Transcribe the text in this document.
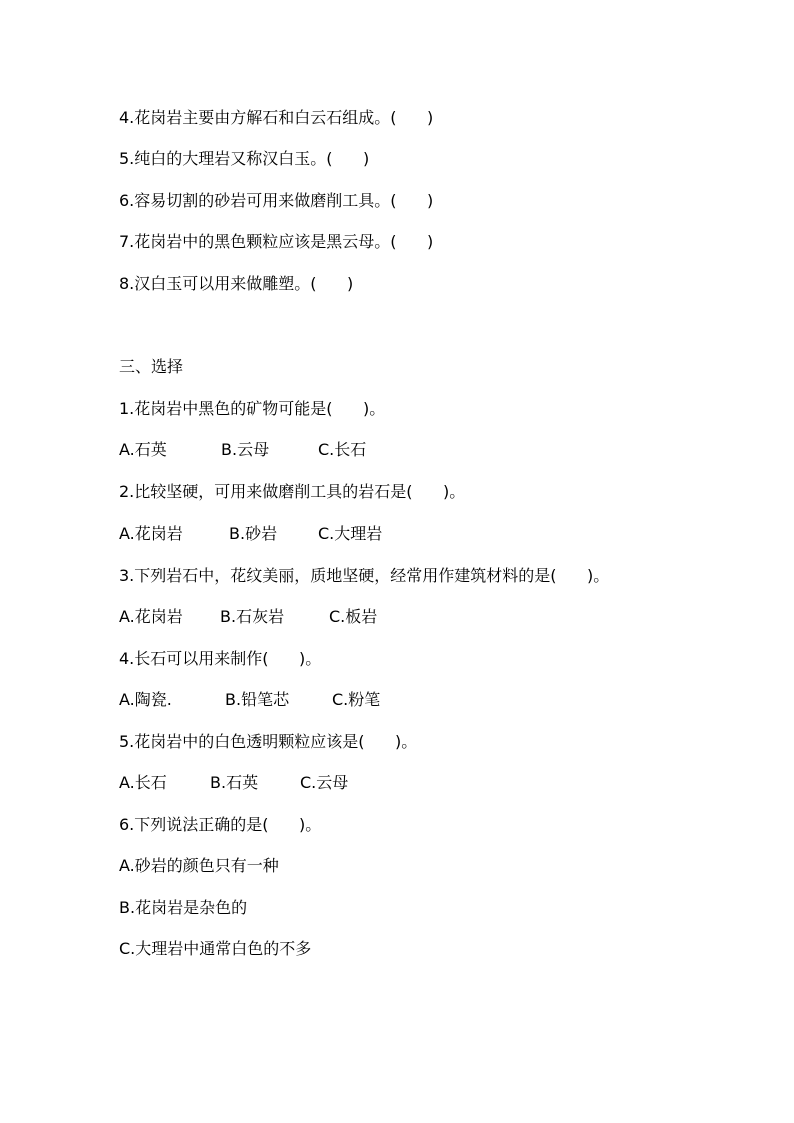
4.花岗岩主要由方解石和白云石组成。(      )
5.纯白的大理岩又称汉白玉。(      )
6.容易切割的砂岩可用来做磨削工具。(      )
7.花岗岩中的黑色颗粒应该是黑云母。(      )
8.汉白玉可以用来做雕塑。(      )
三、选择
1.花岗岩中黑色的矿物可能是(      )。
A.石英	B.云母	C.长石
2.比较坚硬，可用来做磨削工具的岩石是(      )。
A.花岗岩	B.砂岩	C.大理岩
3.下列岩石中，花纹美丽，质地坚硬，经常用作建筑材料的是(      )。
A.花岗岩 B.石灰岩	C.板岩
4.长石可以用来制作(      )。
A.陶瓷.	B.铅笔芯	C.粉笔
5.花岗岩中的白色透明颗粒应该是(      )。
A.长石	B.石英	C.云母
6.下列说法正确的是(      )。
A.砂岩的颜色只有一种
B.花岗岩是杂色的
C.大理岩中通常白色的不多
